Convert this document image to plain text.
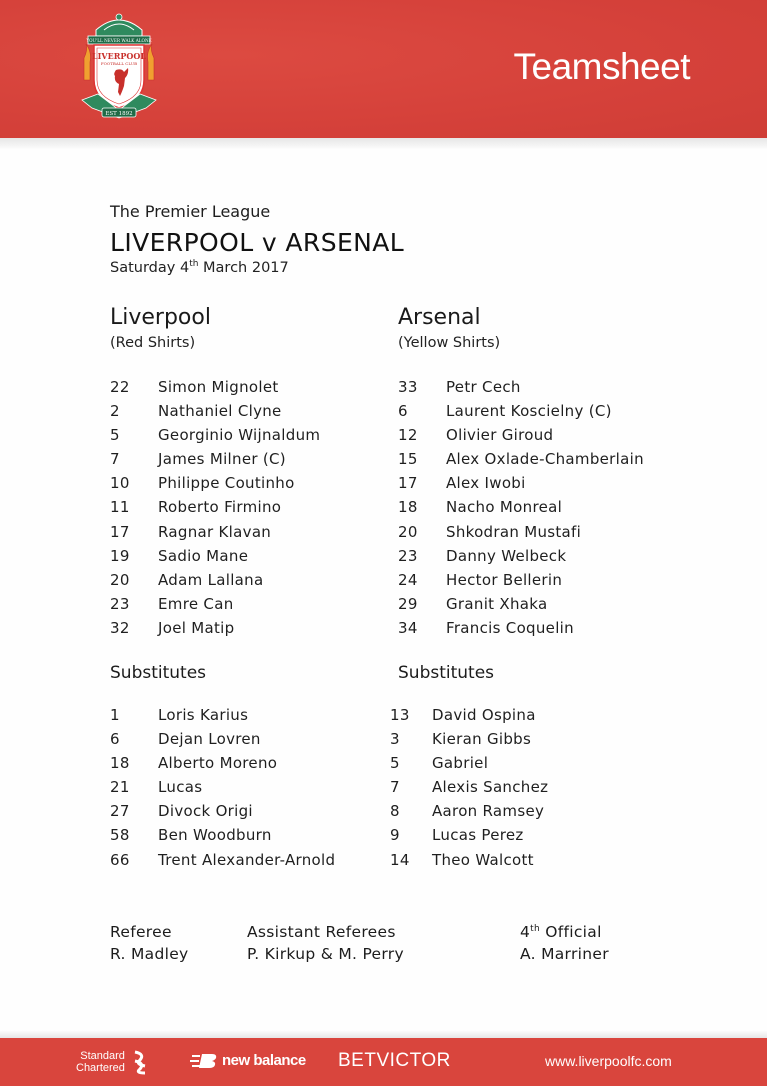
YOU'LL NEVER WALK ALONE
LIVERPOOL
FOOTBALL CLUB
EST 1892
Teamsheet
The Premier League
LIVERPOOL v ARSENAL
Saturday 4th March 2017
Liverpool
(Red Shirts)
22	Simon Mignolet
2	Nathaniel Clyne
5	Georginio Wijnaldum
7	James Milner (C)
10	Philippe Coutinho
11	Roberto Firmino
17	Ragnar Klavan
19	Sadio Mane
20	Adam Lallana
23	Emre Can
32	Joel Matip
Arsenal
(Yellow Shirts)
33	Petr Cech
6	Laurent Koscielny (C)
12	Olivier Giroud
15	Alex Oxlade-Chamberlain
17	Alex Iwobi
18	Nacho Monreal
20	Shkodran Mustafi
23	Danny Welbeck
24	Hector Bellerin
29	Granit Xhaka
34	Francis Coquelin
Substitutes
1	Loris Karius
6	Dejan Lovren
18	Alberto Moreno
21	Lucas
27	Divock Origi
58	Ben Woodburn
66	Trent Alexander-Arnold
Substitutes
13	David Ospina
3	Kieran Gibbs
5	Gabriel
7	Alexis Sanchez
8	Aaron Ramsey
9	Lucas Perez
14	Theo Walcott
Referee
R. Madley
Assistant Referees
P. Kirkup & M. Perry
4th Official
A. Marriner
Standard
Chartered	new balance BETVICTOR	www.liverpoolfc.com
